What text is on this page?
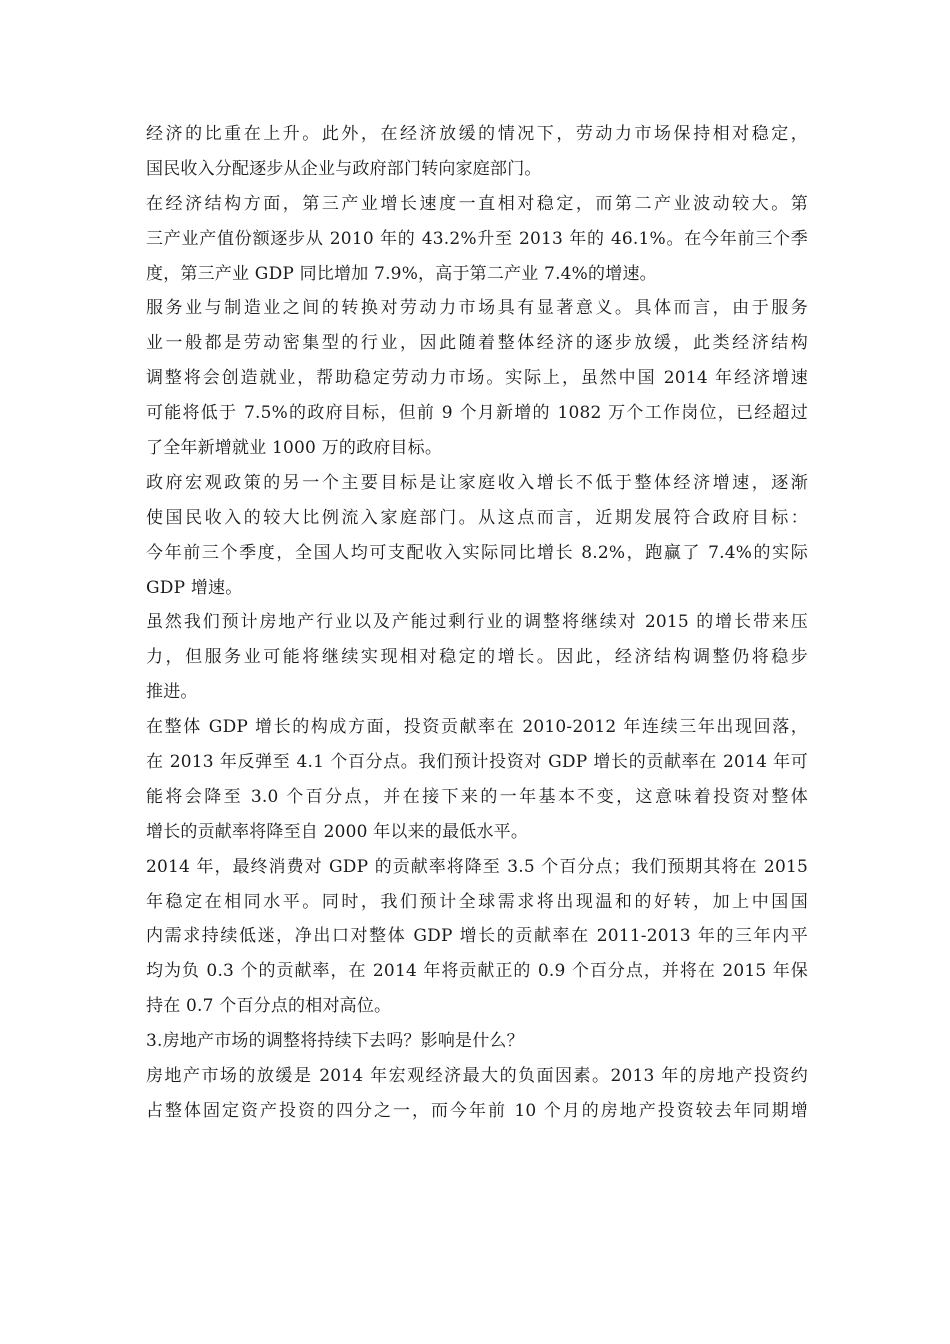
经济的比重在上升。此外，在经济放缓的情况下，劳动力市场保持相对稳定，
国民收入分配逐步从企业与政府部门转向家庭部门。
在经济结构方面，第三产业增长速度一直相对稳定，而第二产业波动较大。第
三产业产值份额逐步从 2010 年的 43.2%升至 2013 年的 46.1%。在今年前三个季
度，第三产业 GDP 同比增加 7.9%，高于第二产业 7.4%的增速。
服务业与制造业之间的转换对劳动力市场具有显著意义。具体而言，由于服务
业一般都是劳动密集型的行业，因此随着整体经济的逐步放缓，此类经济结构
调整将会创造就业，帮助稳定劳动力市场。实际上，虽然中国 2014 年经济增速
可能将低于 7.5%的政府目标，但前 9 个月新增的 1082 万个工作岗位，已经超过
了全年新增就业 1000 万的政府目标。
政府宏观政策的另一个主要目标是让家庭收入增长不低于整体经济增速，逐渐
使国民收入的较大比例流入家庭部门。从这点而言，近期发展符合政府目标：
今年前三个季度，全国人均可支配收入实际同比增长 8.2%，跑赢了 7.4%的实际
GDP 增速。
虽然我们预计房地产行业以及产能过剩行业的调整将继续对 2015 的增长带来压
力，但服务业可能将继续实现相对稳定的增长。因此，经济结构调整仍将稳步
推进。
在整体 GDP 增长的构成方面，投资贡献率在 2010-2012 年连续三年出现回落，
在 2013 年反弹至 4.1 个百分点。我们预计投资对 GDP 增长的贡献率在 2014 年可
能将会降至 3.0 个百分点，并在接下来的一年基本不变，这意味着投资对整体
增长的贡献率将降至自 2000 年以来的最低水平。
2014 年，最终消费对 GDP 的贡献率将降至 3.5 个百分点；我们预期其将在 2015
年稳定在相同水平。同时，我们预计全球需求将出现温和的好转，加上中国国
内需求持续低迷，净出口对整体 GDP 增长的贡献率在 2011-2013 年的三年内平
均为负 0.3 个的贡献率，在 2014 年将贡献正的 0.9 个百分点，并将在 2015 年保
持在 0.7 个百分点的相对高位。
3.房地产市场的调整将持续下去吗？影响是什么？
房地产市场的放缓是 2014 年宏观经济最大的负面因素。2013 年的房地产投资约
占整体固定资产投资的四分之一，而今年前 10 个月的房地产投资较去年同期增
